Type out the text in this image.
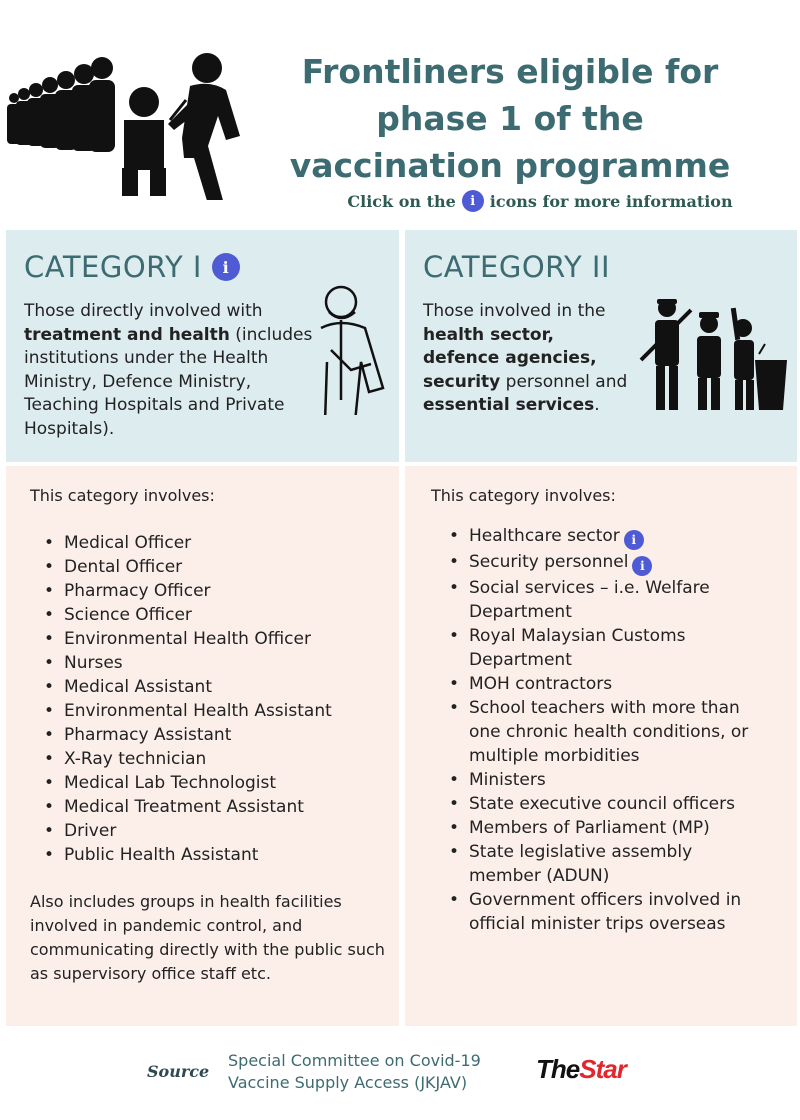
Frontliners eligible for phase 1 of the vaccination programme
Click on the	i icons for more information
CATEGORY I	i
Those directly involved with treatment and health (includes institutions under the Health Ministry, Defence Ministry, Teaching Hospitals and Private Hospitals).
CATEGORY II
Those involved in the health sector, defence agencies, security personnel and essential services.
This category involves:
• Medical Officer
• Dental Officer
• Pharmacy Officer
• Science Officer
• Environmental Health Officer
• Nurses
• Medical Assistant
• Environmental Health Assistant
• Pharmacy Assistant
• X-Ray technician
• Medical Lab Technologist
• Medical Treatment Assistant
• Driver
• Public Health Assistant
Also includes groups in health facilities involved in pandemic control, and communicating directly with the public such as supervisory office staff etc.
This category involves:
• Healthcare sector i
• Security personnel i
• Social services – i.e. Welfare Department
• Royal Malaysian Customs Department
• MOH contractors
• School teachers with more than one chronic health conditions, or multiple morbidities
• Ministers
• State executive council officers
• Members of Parliament (MP)
• State legislative assembly member (ADUN)
• Government officers involved in official minister trips overseas
Source
Special Committee on Covid-19
Vaccine Supply Access (JKJAV)	TheStar
